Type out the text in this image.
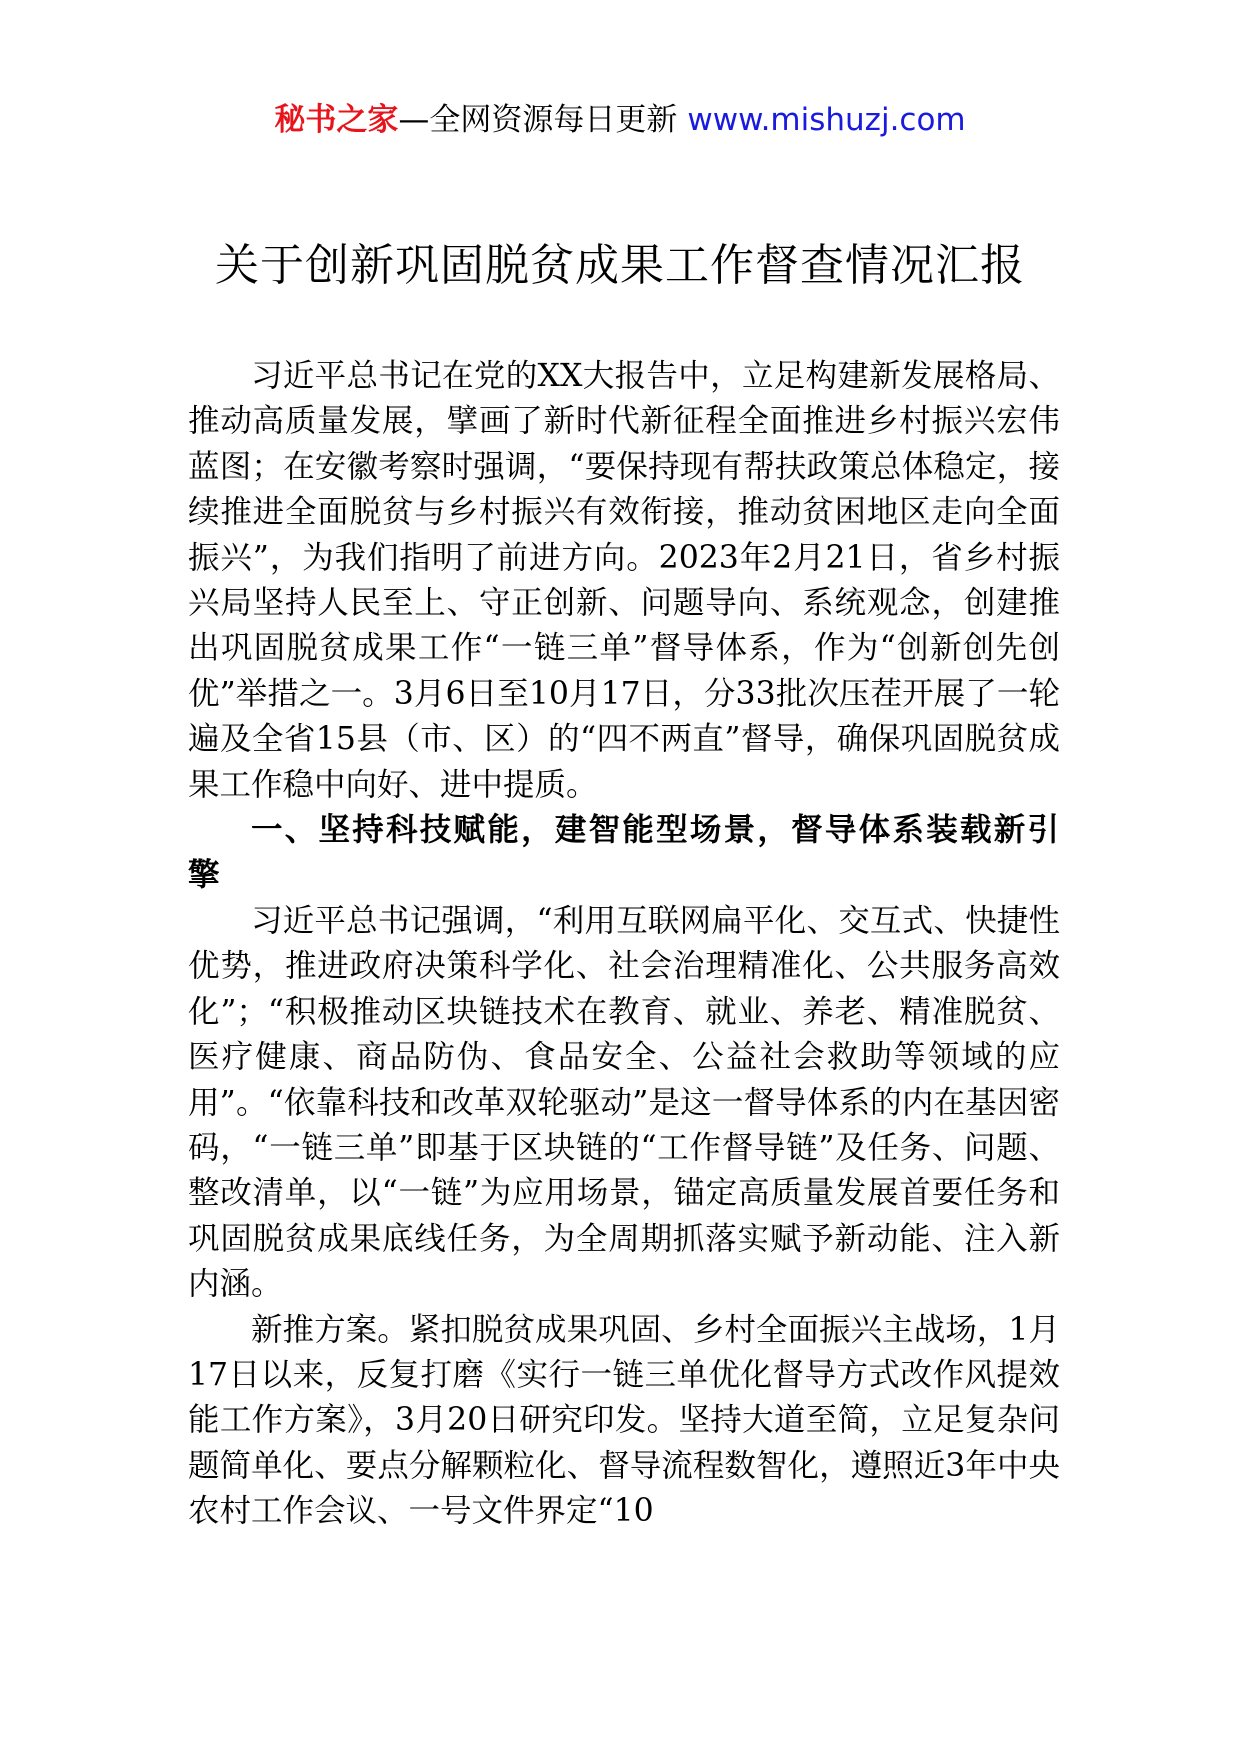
秘书之家—全网资源每日更新 www.mishuzj.com
关于创新巩固脱贫成果工作督查情况汇报

习近平总书记在党的XX大报告中，立足构建新发展格局、推动高质量发展，擘画了新时代新征程全面推进乡村振兴宏伟蓝图；在安徽考察时强调，“要保持现有帮扶政策总体稳定，接续推进全面脱贫与乡村振兴有效衔接，推动贫困地区走向全面振兴”，为我们指明了前进方向。2023年2月21日，省乡村振兴局坚持人民至上、守正创新、问题导向、系统观念，创建推出巩固脱贫成果工作“一链三单”督导体系，作为“创新创先创优”举措之一。3月6日至10月17日，分33批次压茬开展了一轮遍及全省15县（市、区）的“四不两直”督导，确保巩固脱贫成果工作稳中向好、进中提质。

一、坚持科技赋能，建智能型场景，督导体系装载新引擎

习近平总书记强调，“利用互联网扁平化、交互式、快捷性优势，推进政府决策科学化、社会治理精准化、公共服务高效化”；“积极推动区块链技术在教育、就业、养老、精准脱贫、医疗健康、商品防伪、食品安全、公益社会救助等领域的应用”。“依靠科技和改革双轮驱动”是这一督导体系的内在基因密码，“一链三单”即基于区块链的“工作督导链”及任务、问题、整改清单，以“一链”为应用场景，锚定高质量发展首要任务和巩固脱贫成果底线任务，为全周期抓落实赋予新动能、注入新内涵。

新推方案。紧扣脱贫成果巩固、乡村全面振兴主战场，1月17日以来，反复打磨《实行一链三单优化督导方式改作风提效能工作方案》，3月20日研究印发。坚持大道至简，立足复杂问题简单化、要点分解颗粒化、督导流程数智化，遵照近3年中央农村工作会议、一号文件界定“10
